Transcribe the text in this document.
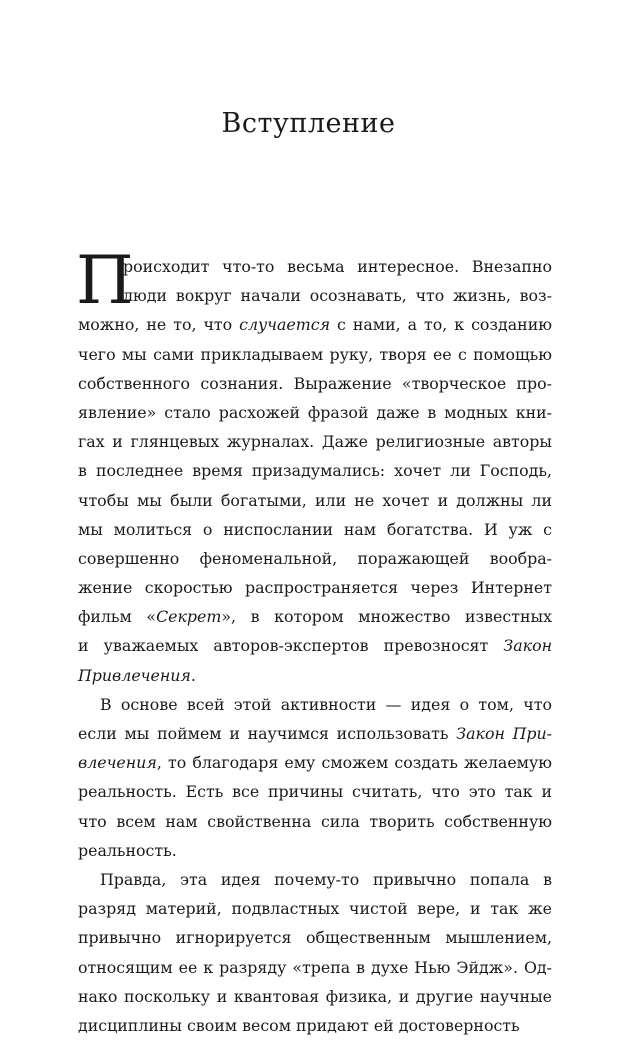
Вступление
П
роисходит что-то весьма интересное. Внезапно
люди вокруг начали осознавать, что жизнь, воз-
можно, не то, что случается с нами, а то, к созданию
чего мы сами прикладываем руку, творя ее с помощью
собственного сознания. Выражение «творческое про-
явление» стало расхожей фразой даже в модных кни-
гах и глянцевых журналах. Даже религиозные авторы
в последнее время призадумались: хочет ли Господь,
чтобы мы были богатыми, или не хочет и должны ли
мы молиться о ниспослании нам богатства. И уж с
совершенно феноменальной, поражающей вообра-
жение скоростью распространяется через Интернет
фильм «Секрет», в котором множество известных
и уважаемых авторов-экспертов превозносят Закон
Привлечения.
В основе всей этой активности — идея о том, что
если мы поймем и научимся использовать Закон При-
влечения, то благодаря ему сможем создать желаемую
реальность. Есть все причины считать, что это так и
что всем нам свойственна сила творить собственную
реальность.
Правда, эта идея почему-то привычно попала в
разряд материй, подвластных чистой вере, и так же
привычно игнорируется общественным мышлением,
относящим ее к разряду «трепа в духе Нью Эйдж». Од-
нако поскольку и квантовая физика, и другие научные
дисциплины своим весом придают ей достоверность
